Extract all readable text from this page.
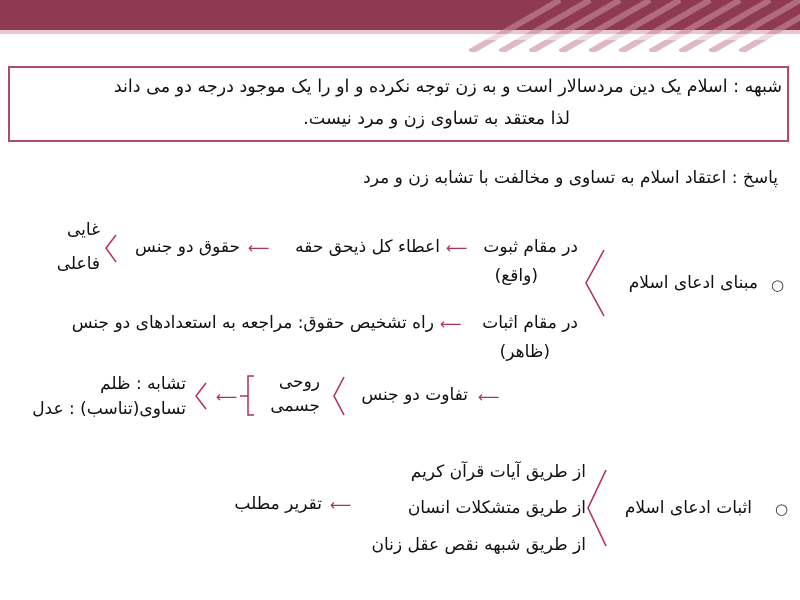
شبهه : اسلام یک دین مردسالار است و به زن توجه نکرده و او را یک موجود درجه دو می داند
لذا معتقد به تساوی زن و مرد نیست.
پاسخ : اعتقاد اسلام به تساوی و مخالفت با تشابه زن و مرد
○
مبنای ادعای اسلام
در مقام ثبوت
⟵
اعطاء کل ذیحق حقه
⟵
حقوق دو جنس
(واقع)
غایی
فاعلی
در مقام اثبات
⟵
راه تشخیص حقوق: مراجعه به استعدادهای دو جنس
(ظاهر)
⟵
تفاوت دو جنس
روحی
جسمی
⟵
تشابه : ظلم
تساوی(تناسب) : عدل
○
اثبات ادعای اسلام
از طریق آیات قرآن کریم
از طریق متشکلات انسان
از طریق شبهه نقص عقل زنان
⟵
تقریر مطلب
